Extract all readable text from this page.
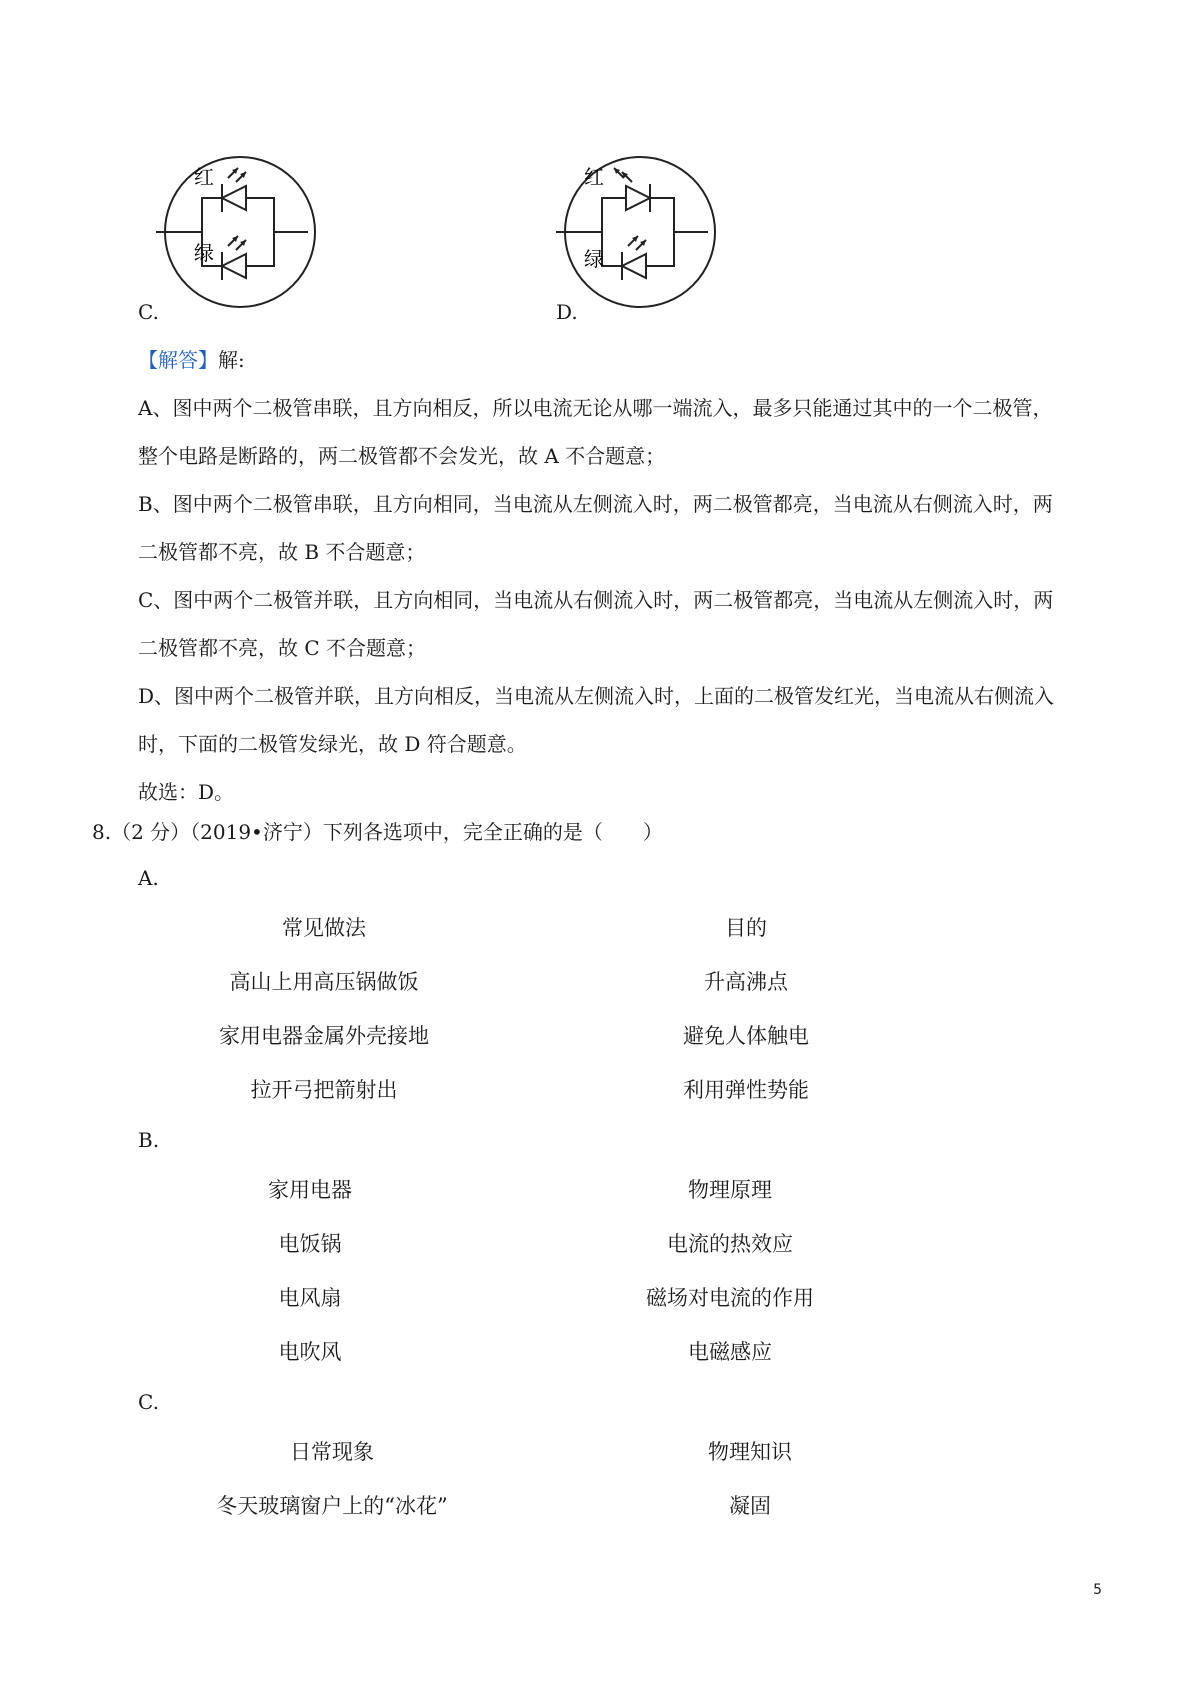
红
绿
C.
红
绿
D.
【解答】解:
A、图中两个二极管串联，且方向相反，所以电流无论从哪一端流入，最多只能通过其中的一个二极管，
整个电路是断路的，两二极管都不会发光，故 A 不合题意；
B、图中两个二极管串联，且方向相同，当电流从左侧流入时，两二极管都亮，当电流从右侧流入时，两
二极管都不亮，故 B 不合题意；
C、图中两个二极管并联，且方向相同，当电流从右侧流入时，两二极管都亮，当电流从左侧流入时，两
二极管都不亮，故 C 不合题意；
D、图中两个二极管并联，且方向相反，当电流从左侧流入时，上面的二极管发红光，当电流从右侧流入
时，下面的二极管发绿光，故 D 符合题意。
故选：D。
8.（2 分）（2019•济宁）下列各选项中，完全正确的是（　　）
A.
常见做法	目的
高山上用高压锅做饭	升高沸点
家用电器金属外壳接地	避免人体触电
拉开弓把箭射出	利用弹性势能
B.
家用电器	物理原理
电饭锅	电流的热效应
电风扇	磁场对电流的作用
电吹风	电磁感应
C.
日常现象	物理知识
冬天玻璃窗户上的“冰花”	凝固
5
